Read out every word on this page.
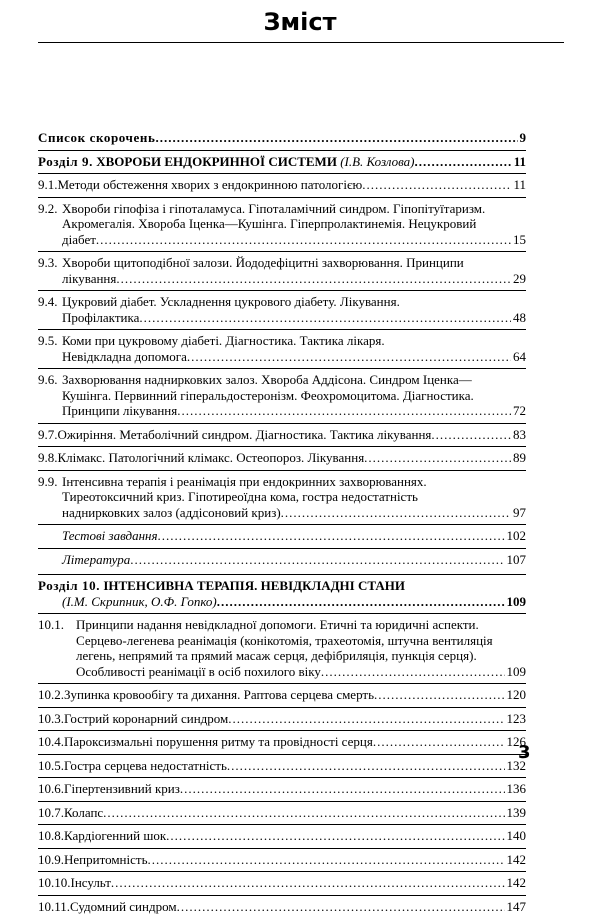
Зміст
Список скорочень .....	9
Розділ 9. ХВОРОБИ ЕНДОКРИННОЇ СИСТЕМИ (І.В. Козлова) .....	11
9.1. Методи обстеження хворих з ендокринною патологією .....	11
9.2. Хвороби гіпофіза і гіпоталамуса. Гіпоталамічний синдром. Гіпопітуїтаризм.
Акромегалія. Хвороба Іценка—Кушінга. Гіперпролактинемія. Нецукровий
діабет .....	15
9.3. Хвороби щитоподібної залози. Йододефіцитні захворювання. Принципи
лікування .....	29
9.4. Цукровий діабет. Ускладнення цукрового діабету. Лікування.
Профілактика .....	48
9.5. Коми при цукровому діабеті. Діагностика. Тактика лікаря.
Невідкладна допомога .....	64
9.6. Захворювання наднирковких залоз. Хвороба Аддісона. Синдром Іценка—
Кушінга. Первинний гіперальдостеронізм. Феохромоцитома. Діагностика.
Принципи лікування .....	72
9.7. Ожиріння. Метаболічний синдром. Діагностика. Тактика лікування .....	83
9.8. Клімакс. Патологічний клімакс. Остеопороз. Лікування .....	89
9.9. Інтенсивна терапія і реанімація при ендокринних захворюваннях.
Тиреотоксичний криз. Гіпотиреоїдна кома, гостра недостатність
наднирковких залоз (аддісоновий криз) .....	97
Тестові завдання .....	102
Література .....	107
Розділ 10. ІНТЕНСИВНА ТЕРАПІЯ. НЕВІДКЛАДНІ СТАНИ
(І.М. Скрипник, О.Ф. Гопко) .....	109
10.1. Принципи надання невідкладної допомоги. Етичні та юридичні аспекти.
Серцево-легенева реанімація (конікотомія, трахеотомія, штучна вентиляція
легень, непрямий та прямий масаж серця, дефібриляція, пункція серця).
Особливості реанімації в осіб похилого віку .....	109
10.2. Зупинка кровообігу та дихання. Раптова серцева смерть .....	120
10.3. Гострий коронарний синдром .....	123
10.4. Пароксизмальні порушення ритму та провідності серця .....	126
10.5. Гостра серцева недостатність .....	132
10.6. Гіпертензивний криз .....	136
10.7. Колапс .....	139
10.8. Кардіогенний шок .....	140
10.9. Непритомність .....	142
10.10. Інсульт .....	142
10.11. Судомний синдром .....	147
3
